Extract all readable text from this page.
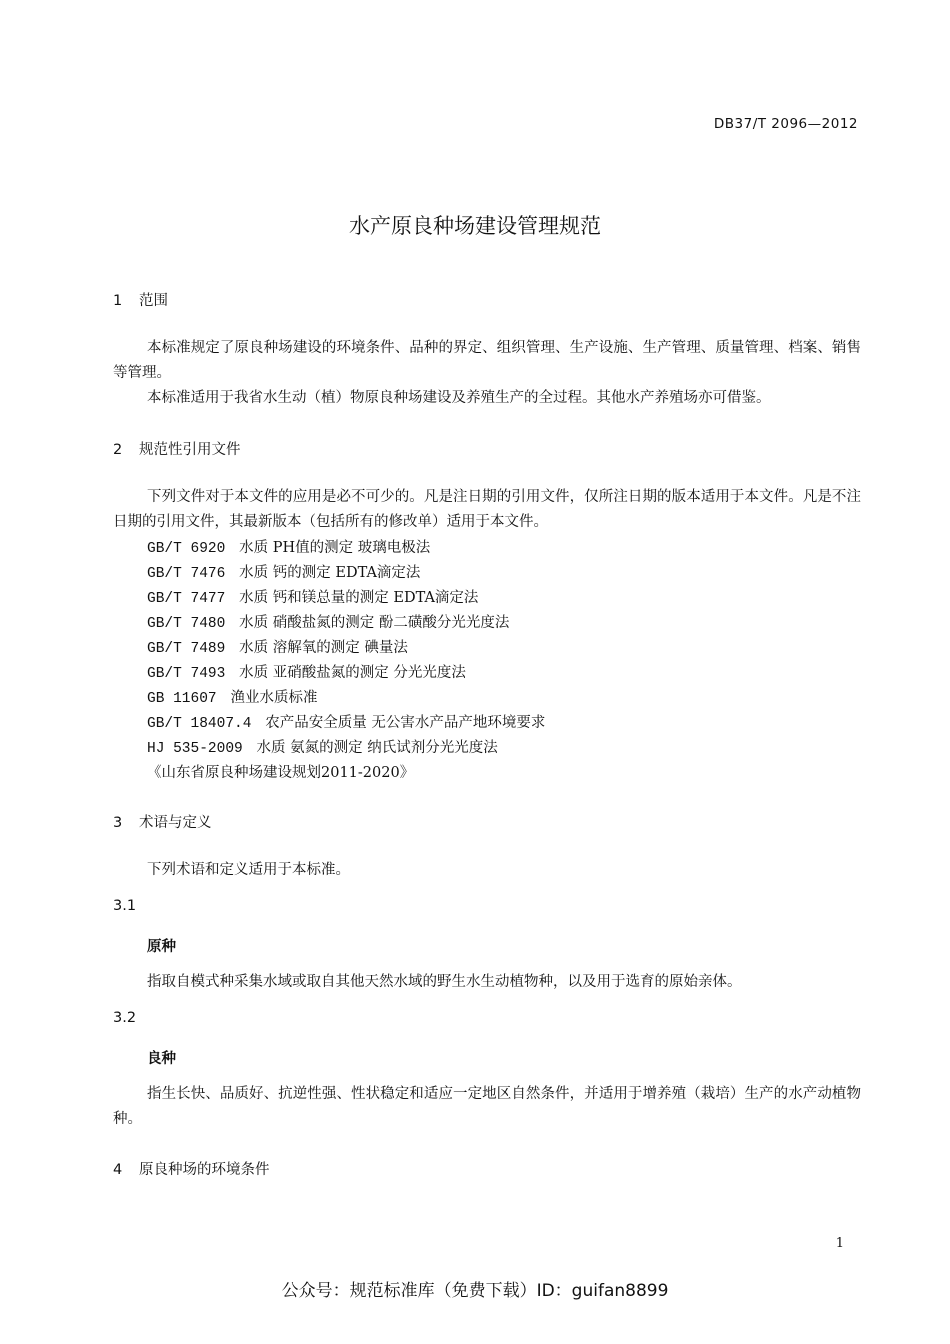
DB37/T 2096—2012
水产原良种场建设管理规范
1 范围

本标准规定了原良种场建设的环境条件、品种的界定、组织管理、生产设施、生产管理、质量管理、档案、销售等管理。

本标准适用于我省水生动（植）物原良种场建设及养殖生产的全过程。其他水产养殖场亦可借鉴。

2 规范性引用文件

下列文件对于本文件的应用是必不可少的。凡是注日期的引用文件，仅所注日期的版本适用于本文件。凡是不注日期的引用文件，其最新版本（包括所有的修改单）适用于本文件。

GB/T 6920 水质 PH值的测定 玻璃电极法
GB/T 7476 水质 钙的测定 EDTA滴定法
GB/T 7477 水质 钙和镁总量的测定 EDTA滴定法
GB/T 7480 水质 硝酸盐氮的测定 酚二磺酸分光光度法
GB/T 7489 水质 溶解氧的测定 碘量法
GB/T 7493 水质 亚硝酸盐氮的测定 分光光度法
GB 11607 渔业水质标准
GB/T 18407.4 农产品安全质量 无公害水产品产地环境要求
HJ 535-2009 水质 氨氮的测定 纳氏试剂分光光度法
《山东省原良种场建设规划2011-2020》
3 术语与定义

下列术语和定义适用于本标准。

3.1
原种

指取自模式种采集水域或取自其他天然水域的野生水生动植物种，以及用于选育的原始亲体。

3.2
良种

指生长快、品质好、抗逆性强、性状稳定和适应一定地区自然条件，并适用于增养殖（栽培）生产的水产动植物种。

4 原良种场的环境条件
1
公众号：规范标准库（免费下载）ID：guifan8899
